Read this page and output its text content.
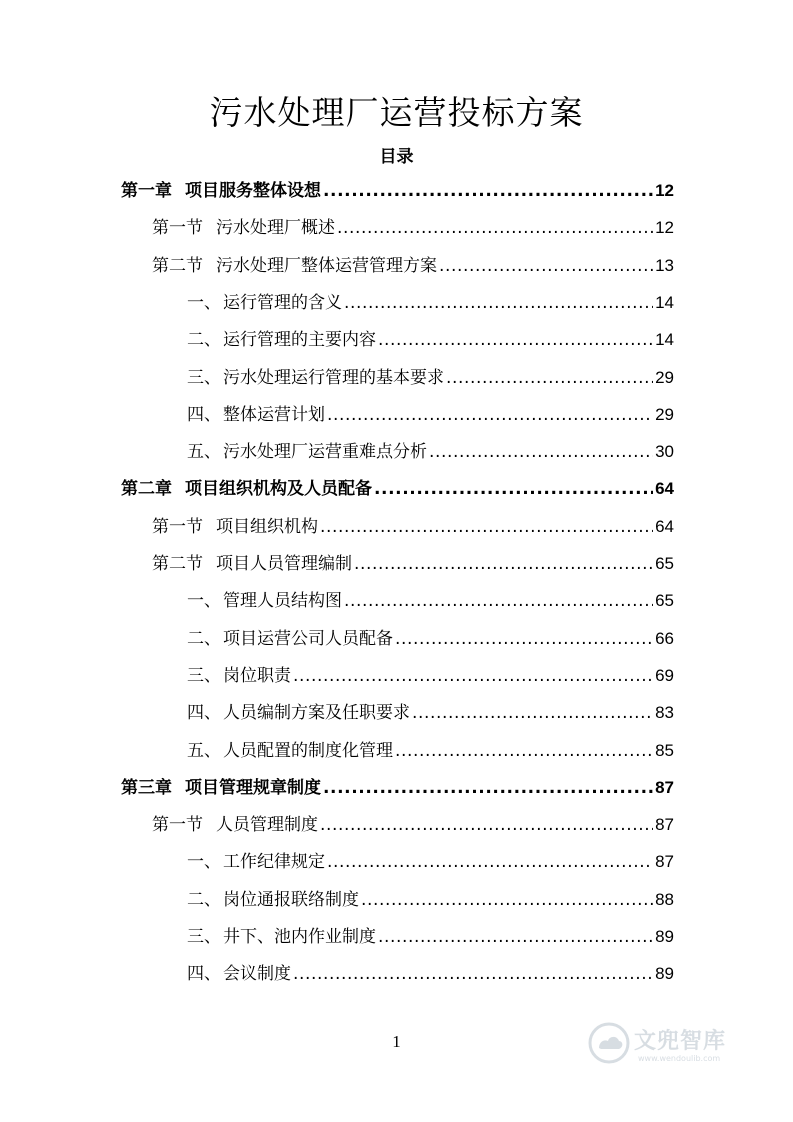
污水处理厂运营投标方案
目录
第一章 项目服务整体设想 .....	12
第一节 污水处理厂概述 .....	12
第二节 污水处理厂整体运营管理方案 .....	13
一、 运行管理的含义 .....	14
二、 运行管理的主要内容 .....	14
三、 污水处理运行管理的基本要求 .....	29
四、 整体运营计划 .....	29
五、 污水处理厂运营重难点分析 .....	30
第二章 项目组织机构及人员配备 .....	64
第一节 项目组织机构 .....	64
第二节 项目人员管理编制 .....	65
一、 管理人员结构图 .....	65
二、 项目运营公司人员配备 .....	66
三、 岗位职责 .....	69
四、 人员编制方案及任职要求 .....	83
五、 人员配置的制度化管理 .....	85
第三章 项目管理规章制度 .....	87
第一节 人员管理制度 .....	87
一、 工作纪律规定 .....	87
二、 岗位通报联络制度 .....	88
三、 井下、池内作业制度 .....	89
四、 会议制度 .....	89
1	文兜智库
www.wendoulib.com
